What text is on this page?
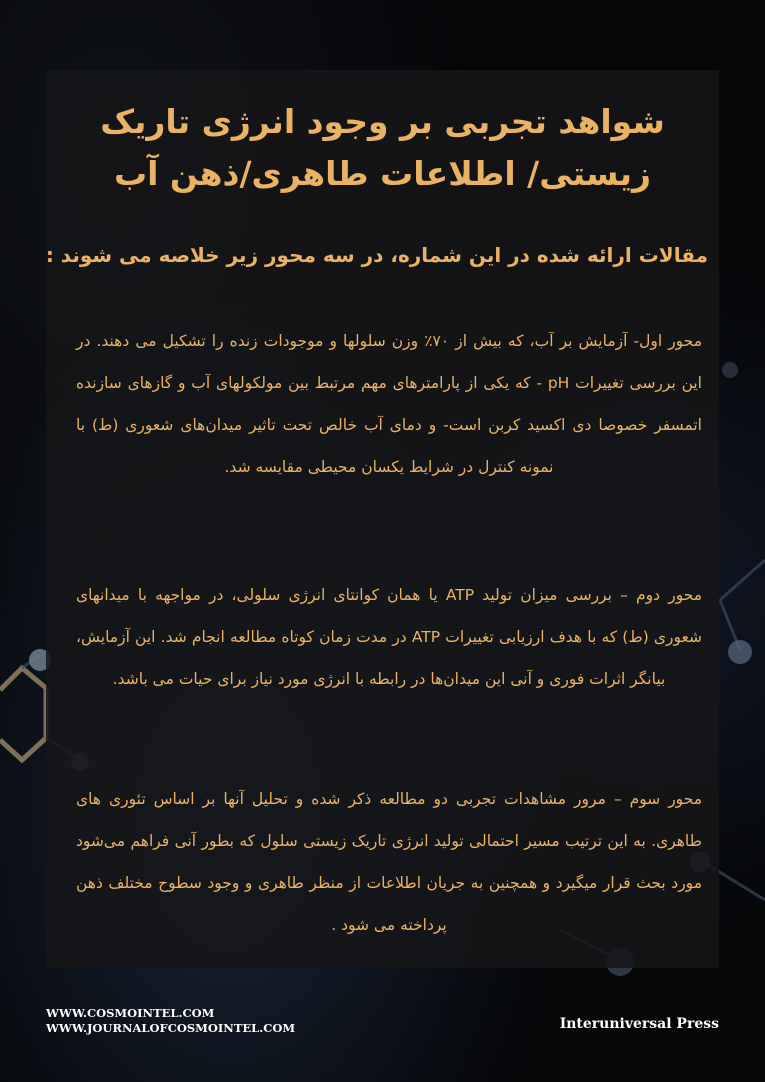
شواهد تجربی بر وجود انرژی تاریک زیستی/ اطلاعات طاهری/ذهن آب
مقالات ارائه شده در این شماره، در سه محور زیر خلاصه می شوند :

محور اول- آزمایش بر آب، که بیش از ۷۰٪ وزن سلولها و موجودات زنده را تشکیل می دهند. در این بررسی تغییرات pH - که یکی از پارامترهای مهم مرتبط بین مولکولهای آب و گازهای سازنده اتمسفر خصوصا دی اکسید کربن است- و دمای آب خالص تحت تاثیر میدان‌های شعوری (ط) با نمونه کنترل در شرایط یکسان محیطی مقایسه شد.

محور دوم – بررسی میزان تولید ATP یا همان کوانتای انرژی سلولی، در مواجهه با میدانهای شعوری (ط) که با هدف ارزیابی تغییرات ATP در مدت زمان کوتاه مطالعه انجام شد. این آزمایش، بیانگر اثرات فوری و آنی این میدان‌ها در رابطه با انرژی مورد نیاز برای حیات می باشد.

محور سوم – مرور مشاهدات تجربی دو مطالعه ذکر شده و تحلیل آنها بر اساس تئوری های طاهری. به این ترتیب مسیر احتمالی تولید انرژی تاریک زیستی سلول که بطور آنی فراهم می‌شود مورد بحث قرار میگیرد و همچنین به جریان اطلاعات از منظر طاهری و وجود سطوح مختلف ذهن پرداخته می شود .

WWW.COSMOINTEL.COM
WWW.JOURNALOFCOSMOINTEL.COM	Interuniversal Press
